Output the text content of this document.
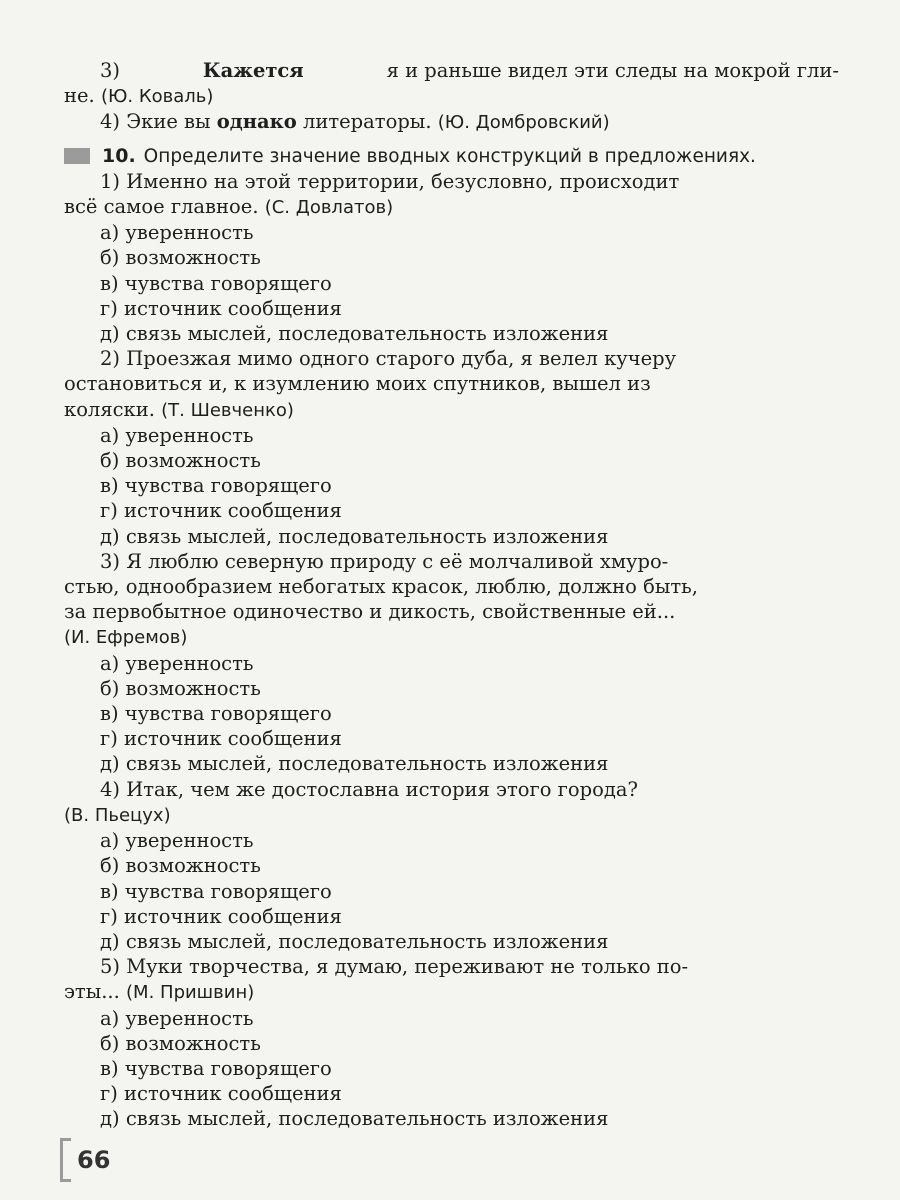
3)	Кажется	я и раньше видел эти следы на мокрой гли-
не. (Ю. Коваль)
4) Экие вы однако литераторы. (Ю. Домбровский)
10. Определите значение вводных конструкций в предложениях.
1) Именно на этой территории, безусловно, происходит
всё самое главное. (С. Довлатов)
а) уверенность
б) возможность
в) чувства говорящего
г) источник сообщения
д) связь мыслей, последовательность изложения
2) Проезжая мимо одного старого дуба, я велел кучеру
остановиться и, к изумлению моих спутников, вышел из
коляски. (Т. Шевченко)
а) уверенность
б) возможность
в) чувства говорящего
г) источник сообщения
д) связь мыслей, последовательность изложения
3) Я люблю северную природу с её молчаливой хмуро-
стью, однообразием небогатых красок, люблю, должно быть,
за первобытное одиночество и дикость, свойственные ей...
(И. Ефремов)
а) уверенность
б) возможность
в) чувства говорящего
г) источник сообщения
д) связь мыслей, последовательность изложения
4) Итак, чем же достославна история этого города?
(В. Пьецух)
а) уверенность
б) возможность
в) чувства говорящего
г) источник сообщения
д) связь мыслей, последовательность изложения
5) Муки творчества, я думаю, переживают не только по-
эты... (М. Пришвин)
а) уверенность
б) возможность
в) чувства говорящего
г) источник сообщения
д) связь мыслей, последовательность изложения
66
